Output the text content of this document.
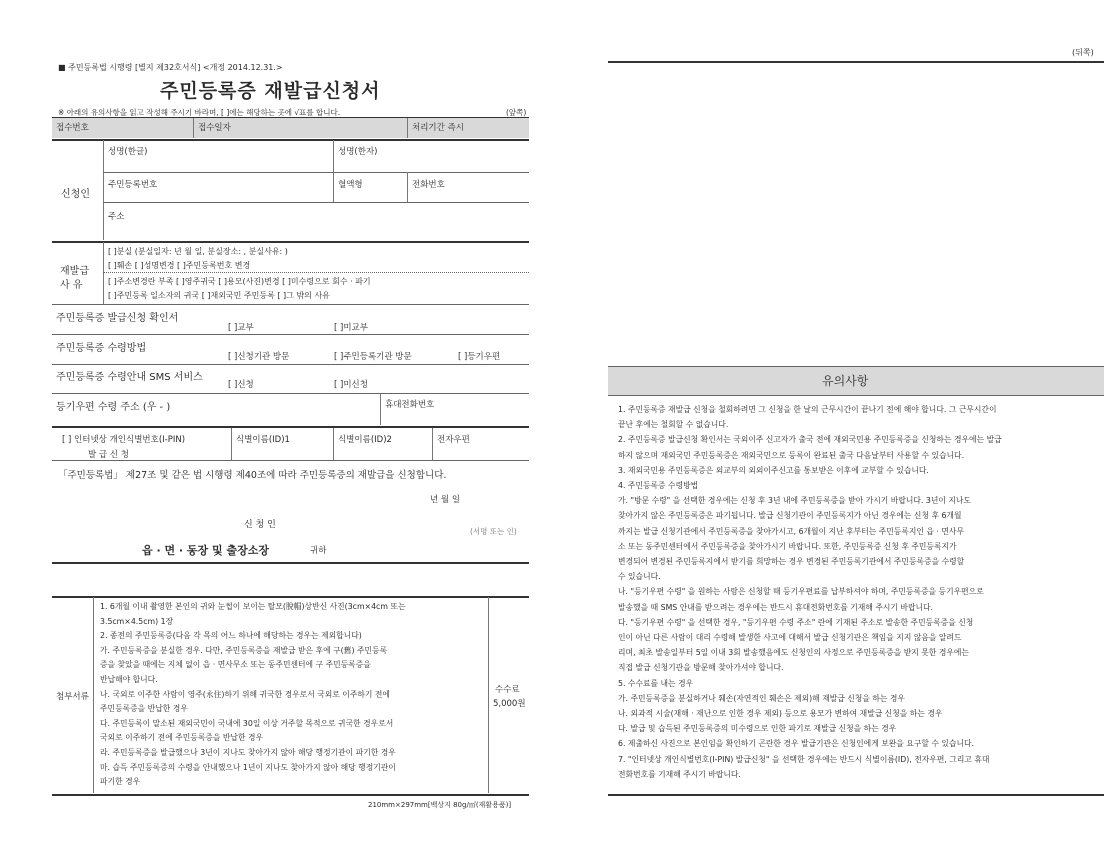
■ 주민등록법 시행령 [별지 제32호서식] <개정 2014.12.31.>
주민등록증 재발급신청서
※ 아래의 유의사항을 읽고 작성해 주시기 바라며, [ ]에는 해당하는 곳에 √표를 합니다.	(앞쪽)
접수번호	접수일자	처리기간 즉시
신청인
성명(한글)	성명(한자)
주민등록번호	혈액형	전화번호
주소
재발급
사 유
[ ]분실 (분실일자: 년 월 일, 분실장소: , 분실사유: )
[ ]훼손 [ ]성명변경 [ ]주민등록번호 변경
[ ]주소변경란 부족 [ ]영주귀국 [ ]용모(사진)변경 [ ]미수령으로 회수 · 파기
[ ]주민등록 일소자의 귀국 [ ]재외국민 주민등록 [ ]그 밖의 사유
주민등록증 발급신청 확인서
[ ]교부	[ ]미교부
주민등록증 수령방법
[ ]신청기관 방문	[ ]주민등록기관 방문	[ ]등기우편
주민등록증 수령안내 SMS 서비스
[ ]신청	[ ]미신청
등기우편 수령 주소 (우 - )	휴대전화번호
[ ] 인터넷상 개인식별번호(I-PIN)
발 급 신 청
식별이름(ID)1	식별이름(ID)2	전자우편
「주민등록법」 제27조 및 같은 법 시행령 제40조에 따라 주민등록증의 재발급을 신청합니다.
년 월 일
신 청 인
(서명 또는 인)
읍 · 면 · 동장 및 출장소장	귀하
첨부서류
1. 6개월 이내 촬영한 본인의 귀와 눈썹이 보이는 탈모(脫帽)상반신 사진(3cm×4cm 또는
3.5cm×4.5cm) 1장
2. 종전의 주민등록증(다음 각 목의 어느 하나에 해당하는 경우는 제외합니다)
가. 주민등록증을 분실한 경우. 다만, 주민등록증을 재발급 받은 후에 구(舊) 주민등록
증을 찾았을 때에는 지체 없이 읍 · 면사무소 또는 동주민센터에 구 주민등록증을
반납해야 합니다.
나. 국외로 이주한 사람이 영주(永住)하기 위해 귀국한 경우로서 국외로 이주하기 전에
주민등록증을 반납한 경우
다. 주민등록이 말소된 재외국민이 국내에 30일 이상 거주할 목적으로 귀국한 경우로서
국외로 이주하기 전에 주민등록증을 반납한 경우
라. 주민등록증을 발급했으나 3년이 지나도 찾아가지 않아 해당 행정기관이 파기한 경우
마. 습득 주민등록증의 수령을 안내했으나 1년이 지나도 찾아가지 않아 해당 행정기관이
파기한 경우
수수료
5,000원
210mm×297mm[백상지 80g/㎡(재활용품)]
(뒤쪽)
유의사항
1. 주민등록증 재발급 신청을 철회하려면 그 신청을 한 날의 근무시간이 끝나기 전에 해야 합니다. 그 근무시간이
끝난 후에는 철회할 수 없습니다.
2. 주민등록증 발급신청 확인서는 국외이주 신고자가 출국 전에 재외국민용 주민등록증을 신청하는 경우에는 발급
하지 않으며 재외국민 주민등록증은 재외국민으로 등록이 완료된 출국 다음날부터 사용할 수 있습니다.
3. 재외국민용 주민등록증은 외교부의 외외이주신고를 통보받은 이후에 교부할 수 있습니다.
4. 주민등록증 수령방법
가. "방문 수령" 을 선택한 경우에는 신청 후 3년 내에 주민등록증을 받아 가시기 바랍니다. 3년이 지나도
찾아가지 않은 주민등록증은 파기됩니다. 발급 신청기관이 주민등록지가 아닌 경우에는 신청 후 6개월
까지는 발급 신청기관에서 주민등록증을 찾아가시고, 6개월이 지난 후부터는 주민등록지인 읍 · 면사무
소 또는 동주민센터에서 주민등록증을 찾아가시기 바랍니다. 또한, 주민등록증 신청 후 주민등록지가
변경되어 변경된 주민등록지에서 받기를 희망하는 경우 변경된 주민등록기관에서 주민등록증을 수령할
수 있습니다.
나. "등기우편 수령" 을 원하는 사람은 신청할 때 등기우편료를 납부하셔야 하며, 주민등록증을 등기우편으로
발송했을 때 SMS 안내를 받으려는 경우에는 반드시 휴대전화번호를 기재해 주시기 바랍니다.
다. "등기우편 수령" 을 선택한 경우, "등기우편 수령 주소" 란에 기재된 주소로 발송한 주민등록증을 신청
인이 아닌 다른 사람이 대리 수령해 발생한 사고에 대해서 발급 신청기관은 책임을 지지 않음을 알려드
리며, 최초 발송일부터 5일 이내 3회 발송했음에도 신청인의 사정으로 주민등록증을 받지 못한 경우에는
직접 발급 신청기관을 방문해 찾아가셔야 합니다.
5. 수수료를 내는 경우
가. 주민등록증을 분실하거나 훼손(자연적인 훼손은 제외)해 재발급 신청을 하는 경우
나. 외과적 시술(재해 · 재난으로 인한 경우 제외) 등으로 용모가 변하여 재발급 신청을 하는 경우
다. 발급 및 습득된 주민등록증의 미수령으로 인한 파기로 재발급 신청을 하는 경우
6. 제출하신 사진으로 본인임을 확인하기 곤란한 경우 발급기관은 신청인에게 보완을 요구할 수 있습니다.
7. "인터넷상 개인식별번호(I-PIN) 발급신청" 을 선택한 경우에는 반드시 식별이름(ID), 전자우편, 그리고 휴대
전화번호를 기재해 주시기 바랍니다.
